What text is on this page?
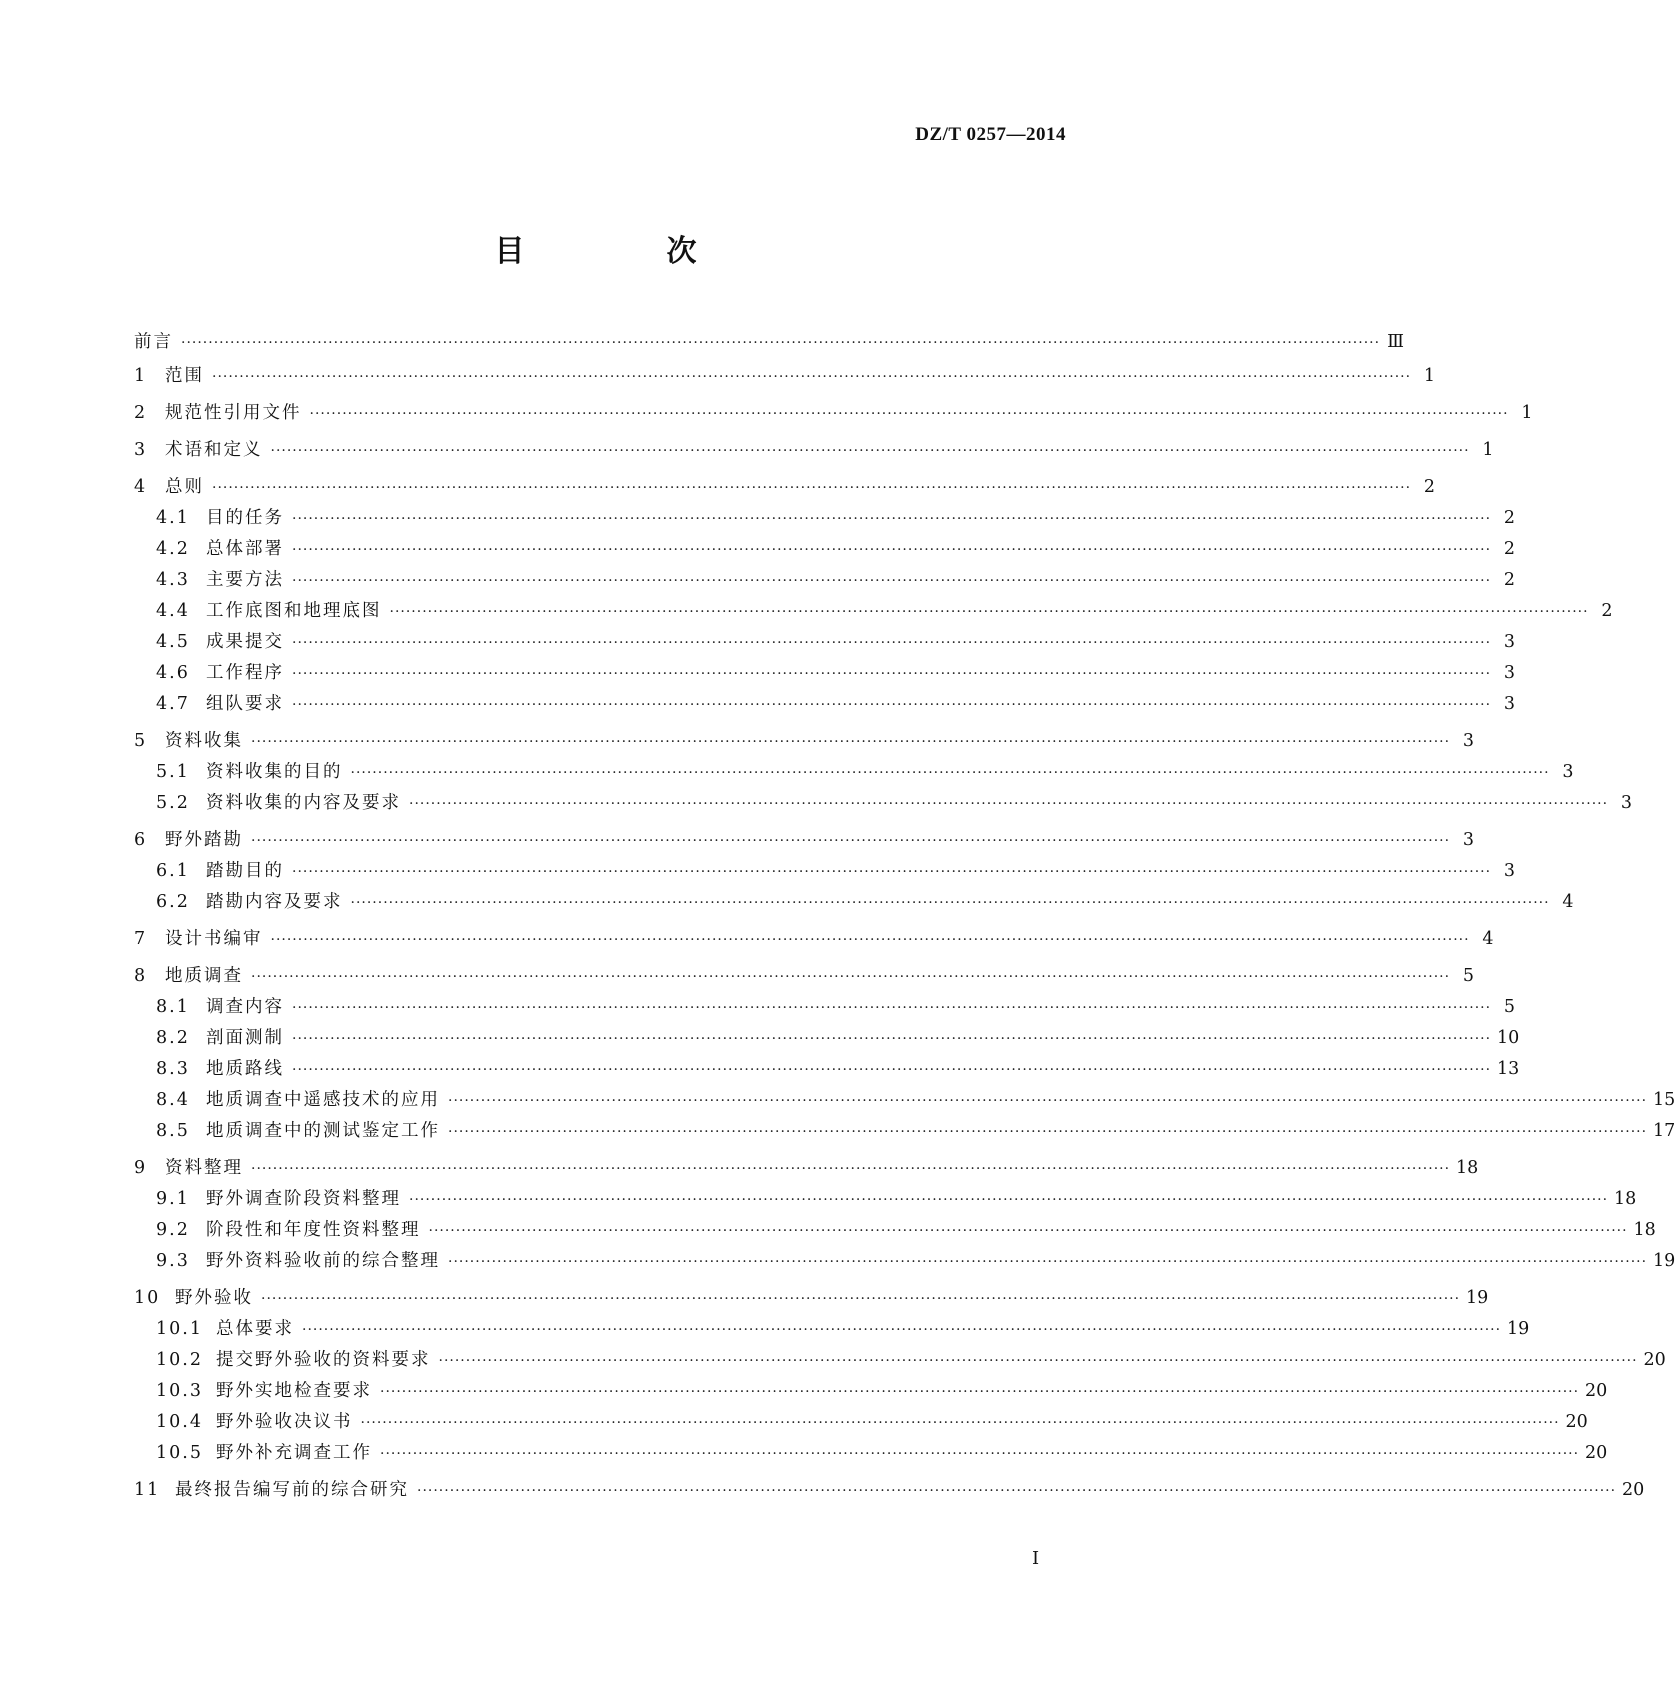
DZ/T 0257—2014
目　次
前言 ···························································································································································································································· Ⅲ
1	范围 ···························································································································································································································· 1
2	规范性引用文件 ···························································································································································································································· 1
3	术语和定义 ···························································································································································································································· 1
4	总则 ···························································································································································································································· 2
4.1 目的任务 ···························································································································································································································· 2
4.2 总体部署 ···························································································································································································································· 2
4.3 主要方法 ···························································································································································································································· 2
4.4 工作底图和地理底图 ···························································································································································································································· 2
4.5 成果提交 ···························································································································································································································· 3
4.6 工作程序 ···························································································································································································································· 3
4.7 组队要求 ···························································································································································································································· 3
5	资料收集 ···························································································································································································································· 3
5.1 资料收集的目的 ···························································································································································································································· 3
5.2 资料收集的内容及要求 ···························································································································································································································· 3
6	野外踏勘 ···························································································································································································································· 3
6.1 踏勘目的 ···························································································································································································································· 3
6.2 踏勘内容及要求 ···························································································································································································································· 4
7	设计书编审 ···························································································································································································································· 4
8	地质调查 ···························································································································································································································· 5
8.1 调查内容 ···························································································································································································································· 5
8.2 剖面测制 ···························································································································································································································· 10
8.3 地质路线 ···························································································································································································································· 13
8.4 地质调查中遥感技术的应用 ···························································································································································································································· 15
8.5 地质调查中的测试鉴定工作 ···························································································································································································································· 17
9	资料整理 ···························································································································································································································· 18
9.1 野外调查阶段资料整理 ···························································································································································································································· 18
9.2 阶段性和年度性资料整理 ···························································································································································································································· 18
9.3 野外资料验收前的综合整理 ···························································································································································································································· 19
10 野外验收 ···························································································································································································································· 19
10.1 总体要求 ···························································································································································································································· 19
10.2 提交野外验收的资料要求 ···························································································································································································································· 20
10.3 野外实地检查要求 ···························································································································································································································· 20
10.4 野外验收决议书 ···························································································································································································································· 20
10.5 野外补充调查工作 ···························································································································································································································· 20
11 最终报告编写前的综合研究 ···························································································································································································································· 20
I
